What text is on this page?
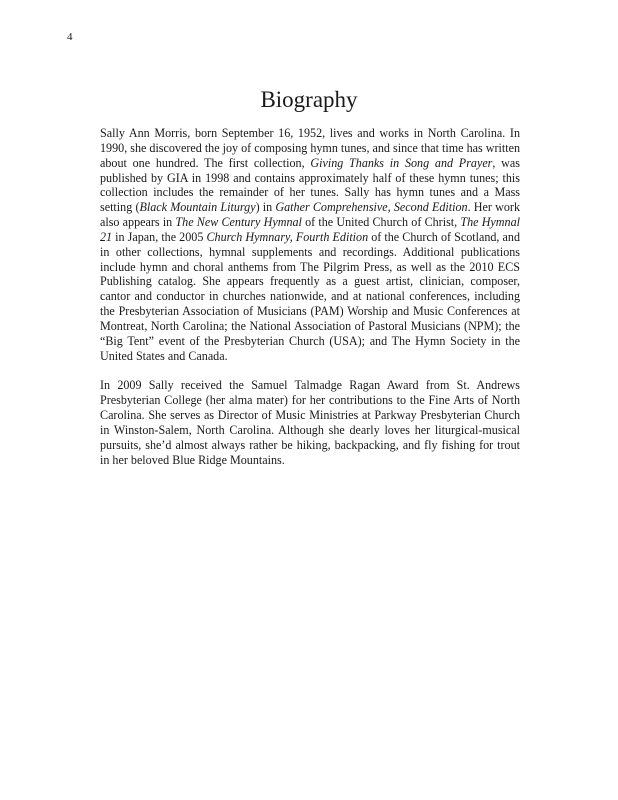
4
Biography

Sally Ann Morris, born September 16, 1952, lives and works in North Carolina. In 1990, she discovered the joy of composing hymn tunes, and since that time has written about one hundred. The first collection, Giving Thanks in Song and Prayer, was published by GIA in 1998 and contains approximately half of these hymn tunes; this collection includes the remainder of her tunes. Sally has hymn tunes and a Mass setting (Black Mountain Liturgy) in Gather Comprehensive, Second Edition. Her work also appears in The New Century Hymnal of the United Church of Christ, The Hymnal 21 in Japan, the 2005 Church Hymnary, Fourth Edition of the Church of Scotland, and in other collections, hymnal supplements and recordings. Additional publications include hymn and choral anthems from The Pilgrim Press, as well as the 2010 ECS Publishing catalog. She appears frequently as a guest artist, clinician, composer, cantor and conductor in churches nationwide, and at national conferences, including the Presbyterian Association of Musicians (PAM) Worship and Music Conferences at Montreat, North Carolina; the National Association of Pastoral Musicians (NPM); the “Big Tent” event of the Presbyterian Church (USA); and The Hymn Society in the United States and Canada.

In 2009 Sally received the Samuel Talmadge Ragan Award from St. Andrews Presbyterian College (her alma mater) for her contributions to the Fine Arts of North Carolina. She serves as Director of Music Ministries at Parkway Presbyterian Church in Winston-Salem, North Carolina. Although she dearly loves her liturgical-musical pursuits, she’d almost always rather be hiking, backpacking, and fly fishing for trout in her beloved Blue Ridge Mountains.
